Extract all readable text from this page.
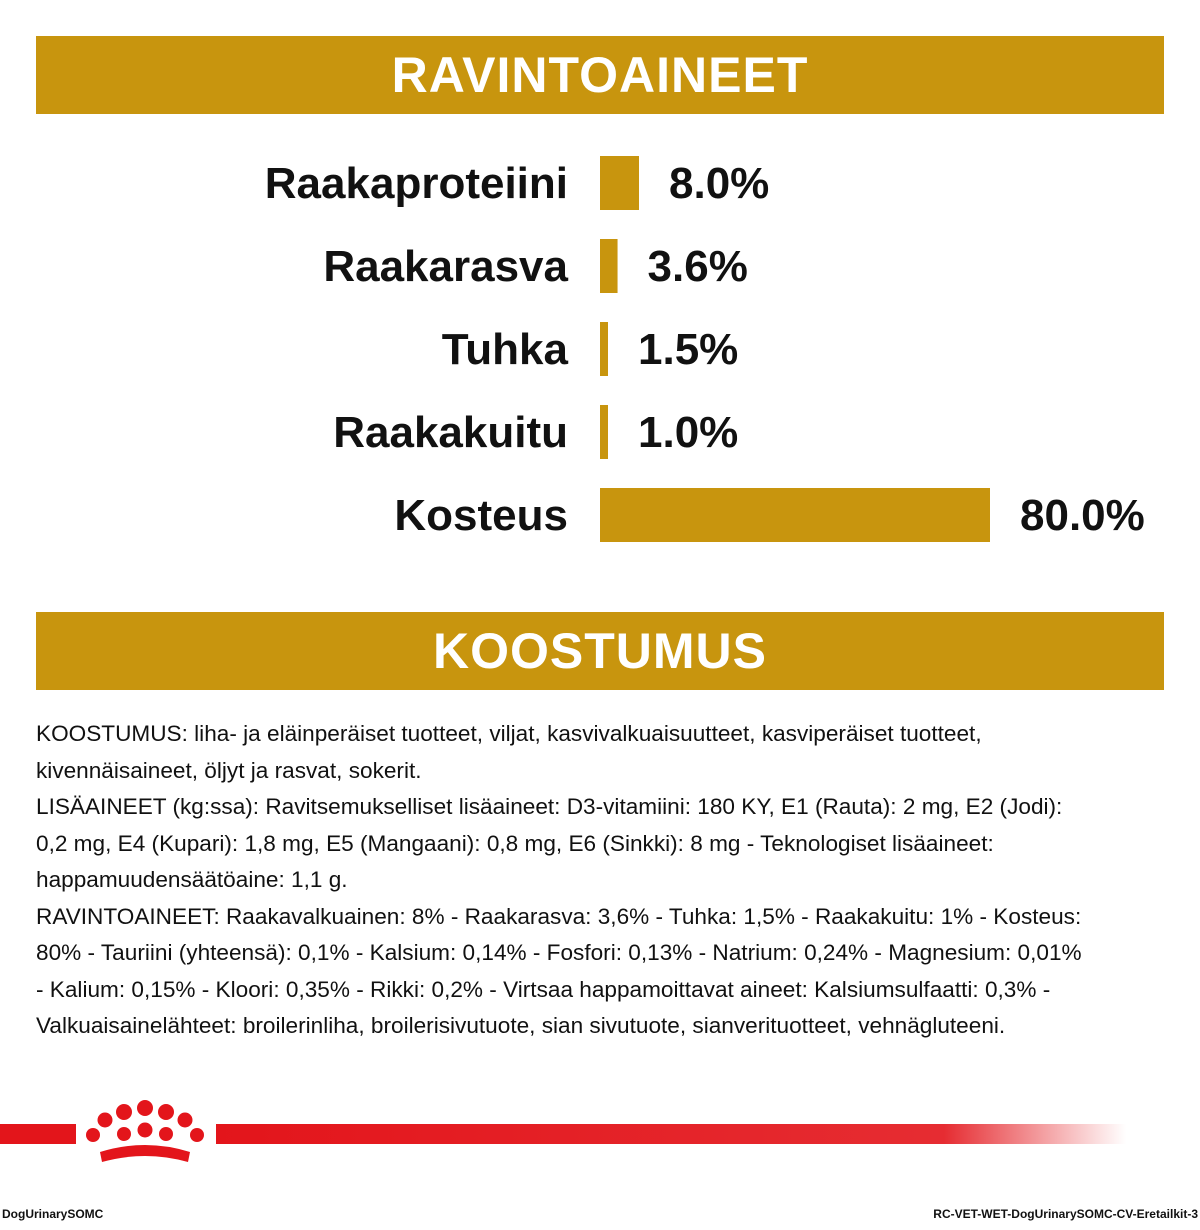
RAVINTOAINEET
Raakaproteiini 8.0%
Raakarasva 3.6%
Tuhka 1.5%
Raakakuitu 1.0%
Kosteus	80.0%
KOOSTUMUS

KOOSTUMUS: liha- ja eläinperäiset tuotteet, viljat, kasvivalkuaisuutteet, kasviperäiset tuotteet,

kivennäisaineet, öljyt ja rasvat, sokerit.

LISÄAINEET (kg:ssa): Ravitsemukselliset lisäaineet: D3-vitamiini: 180 KY, E1 (Rauta): 2 mg, E2 (Jodi):

0,2 mg, E4 (Kupari): 1,8 mg, E5 (Mangaani): 0,8 mg, E6 (Sinkki): 8 mg - Teknologiset lisäaineet:

happamuudensäätöaine: 1,1 g.

RAVINTOAINEET: Raakavalkuainen: 8% - Raakarasva: 3,6% - Tuhka: 1,5% - Raakakuitu: 1% - Kosteus:

80% - Tauriini (yhteensä): 0,1% - Kalsium: 0,14% - Fosfori: 0,13% - Natrium: 0,24% - Magnesium: 0,01%

- Kalium: 0,15% - Kloori: 0,35% - Rikki: 0,2% - Virtsaa happamoittavat aineet: Kalsiumsulfaatti: 0,3% -

Valkuaisainelähteet: broilerinliha, broilerisivutuote, sian sivutuote, sianverituotteet, vehnägluteeni.

DogUrinarySOMC	RC-VET-WET-DogUrinarySOMC-CV-Eretailkit-3
